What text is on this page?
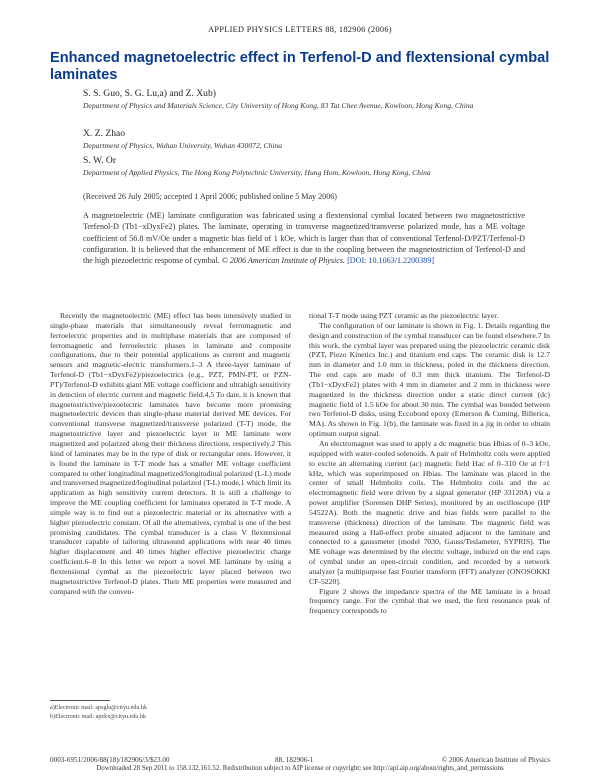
APPLIED PHYSICS LETTERS 88, 182906 (2006)
Enhanced magnetoelectric effect in Terfenol-D and flextensional cymbal laminates
S. S. Guo, S. G. Lu,a) and Z. Xub)
Department of Physics and Materials Science, City University of Hong Kong, 83 Tat Chee Avenue, Kowloon, Hong Kong, China
X. Z. Zhao
Department of Physics, Wuhan University, Wuhan 430072, China
S. W. Or
Department of Applied Physics, The Hong Kong Polytechnic University, Hung Hom, Kowloon, Hong Kong, China
(Received 26 July 2005; accepted 1 April 2006; published online 5 May 2006)
A magnetoelectric (ME) laminate configuration was fabricated using a flextensional cymbal located between two magnetostrictive Terfenol-D (Tb1−xDyxFe2) plates. The laminate, operating in transverse magnetized/transverse polarized mode, has a ME voltage coefficient of 56.8 mV/Oe under a magnetic bias field of 1 kOe, which is larger than that of conventional Terfenol-D/PZT/Terfenol-D configuration. It is believed that the enhancement of ME effect is due to the coupling between the magnetostriction of Terfenol-D and the high piezoelectric response of cymbal. © 2006 American Institute of Physics. [DOI: 10.1063/1.2200389]

Recently the magnetoelectric (ME) effect has been intensively studied in single-phase materials that simultaneously reveal ferromagnetic and ferroelectric properties and in multiphase materials that are composed of ferromagnetic and ferroelectric phases in laminate and composite configurations, due to their potential applications as current and magnetic sensors and magnetic-electric transformers.1–3 A three-layer laminate of Terfenol-D (Tb1−xDyxFe2)/piezoelectrics (e.g., PZT, PMN-PT, or PZN-PT)/Terfenol-D exhibits giant ME voltage coefficient and ultrahigh sensitivity in detection of electric current and magnetic field.4,5 To date, it is known that magnetostrictive/piezoelectric laminates have become more promising magnetoelectric devices than single-phase material derived ME devices. For conventional transverse magnetized/transverse polarized (T-T) mode, the magnetostrictive layer and piezoelectric layer in ME laminate were magnetized and polarized along their thickness directions, respectively.2 This kind of laminates may be in the type of disk or rectangular ones. However, it is found the laminate in T-T mode has a smaller ME voltage coefficient compared to other longitudinal magnetized/longitudinal polarized (L-L) mode and transversed magnetized/logitudinal polarized (T-L) mode,1 which limit its application as high sensitivity current detectors. It is still a challenge to improve the ME coupling coefficient for laminates operated in T-T mode. A simple way is to find out a piezoelectric material or its alternative with a higher piezoelectric constant. Of all the alternatives, cymbal is one of the best promising candidates. The cymbal transducer is a class V flextensional transducer capable of tailoring ultrasound applications with near 40 times higher displacement and 40 times higher effective piezoelectric charge coefficient.6–8 In this letter we report a novel ME laminate by using a flextensional cymbal as the piezoelectric layer placed between two magnetostrictive Terfenol-D plates. Their ME properties were measured and compared with the conven-

tional T-T mode using PZT ceramic as the piezoelectric layer.

The configuration of our laminate is shown in Fig. 1. Details regarding the design and construction of the cymbal transducer can be found elsewhere.7 In this work, the cymbal layer was prepared using the piezoelectric ceramic disk (PZT, Piezo Kinetics Inc.) and titanium end caps. The ceramic disk is 12.7 mm in diameter and 1.0 mm in thickness, poled in the thickness direction. The end caps are made of 0.3 mm thick titanium. The Terfenol-D (Tb1−xDyxFe2) plates with 4 mm in diameter and 2 mm in thickness were magnetized in the thickness direction under a static direct current (dc) magnetic field of 1.5 kOe for about 30 min. The cymbal was bonded between two Terfenol-D disks, using Eccobond epoxy (Emerson & Cuming, Billerica, MA). As shown in Fig. 1(b), the laminate was fixed in a jig in order to obtain optimum output signal.

An electromagnet was used to apply a dc magnetic bias Hbias of 0–3 kOe, equipped with water-cooled solenoids. A pair of Helmholtz coils were applied to excite an alternating current (ac) magnetic field Hac of 0–310 Oe at f=1 kHz, which was superimposed on Hbias. The laminate was placed in the center of small Helmholtz coils. The Helmholtz coils and the ac electromagnetic field were driven by a signal generator (HP 33120A) via a power amplifier (Sorensen DHP Series), monitored by an oscilloscope (HP 54522A). Both the magnetic drive and bias fields were parallel to the transverse (thickness) direction of the laminate. The magnetic field was measured using a Hall-effect probe situated adjacent to the laminate and connected to a gaussmeter (model 7030, Gauss/Teslameter, SYPRIS). The ME voltage was determined by the electric voltage, induced on the end caps of cymbal under an open-circuit condition, and recorded by a network analyzer [a multipurpose fast Fourier transform (FFT) analyzer (ONOSOKKI CF-5220].

Figure 2 shows the impedance spectra of the ME laminate in a broad frequency range. For the cymbal that we used, the first resonance peak of frequency corresponds to

a)Electronic mail: apsglu@cityu.edu.hk
b)Electronic mail: apzkx@cityu.edu.hk
0003-6951/2006/88(18)/182906/3/$23.00	88, 182906-1	© 2006 American Institute of Physics
Downloaded 28 Sep 2011 to 158.132.161.52. Redistribution subject to AIP license or copyright; see http://apl.aip.org/about/rights_and_permissions
